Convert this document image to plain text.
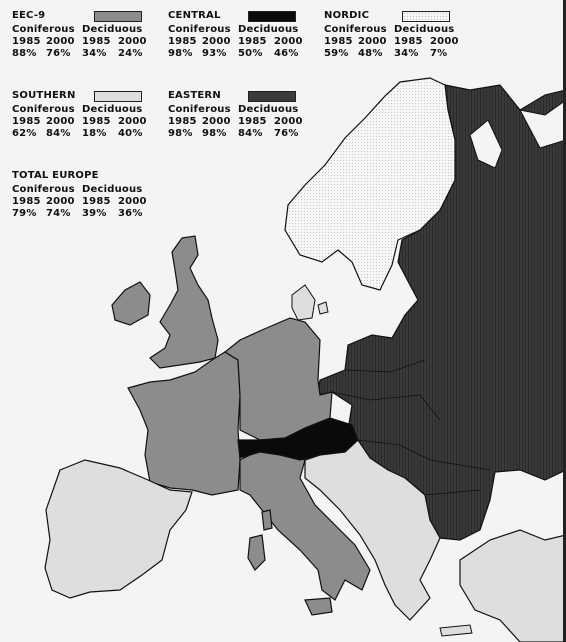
EEC-9
Coniferous Deciduous
1985 2000 1985 2000
88% 76%	34%	24%
CENTRAL
Coniferous Deciduous
1985 2000 1985 2000
98% 93%	50%	46%
NORDIC
Coniferous Deciduous
1985 2000 1985 2000
59% 48%	34%	7%
SOUTHERN
Coniferous Deciduous
1985 2000 1985 2000
62% 84%	18%	40%
EASTERN
Coniferous Deciduous
1985 2000 1985 2000
98% 98%	84%	76%
TOTAL EUROPE
Coniferous Deciduous
1985 2000 1985 2000
79% 74%	39%	36%
